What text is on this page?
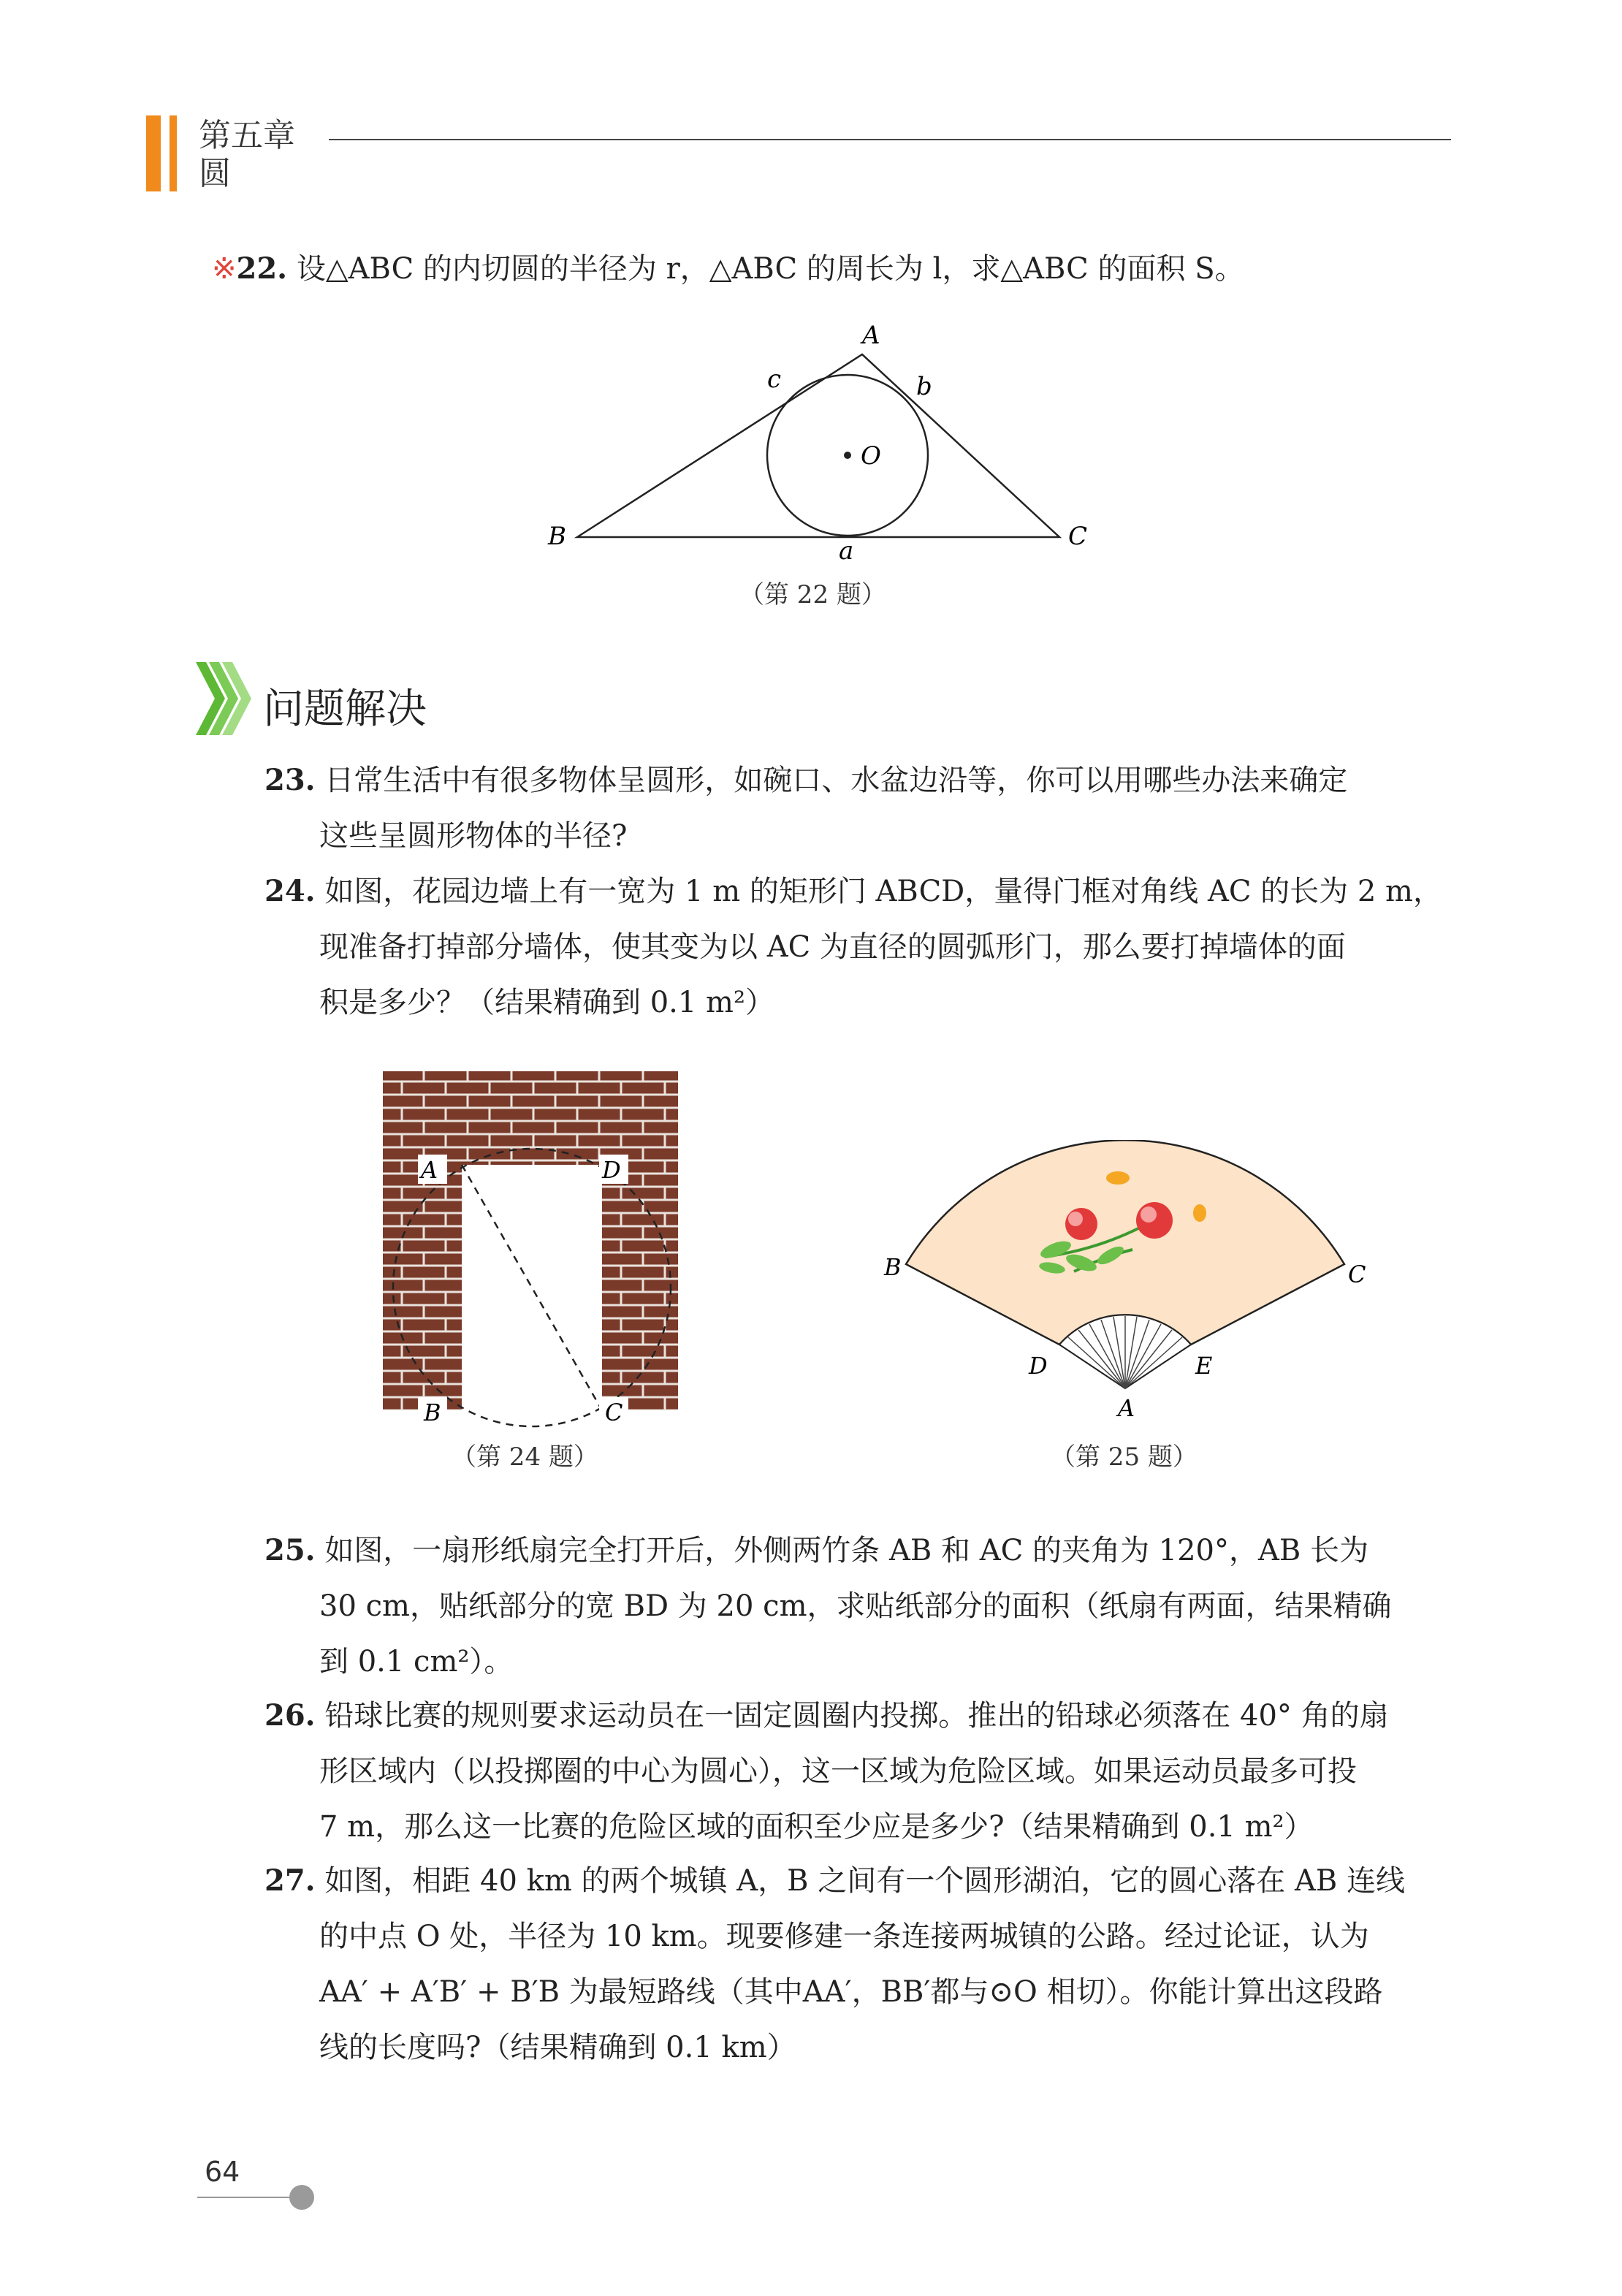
第五章
圆
※22. 设△ABC 的内切圆的半径为 r，△ABC 的周长为 l，求△ABC 的面积 S。
A
B	C
O
a
b
c
（第 22 题）
问题解决
23. 日常生活中有很多物体呈圆形，如碗口、水盆边沿等，你可以用哪些办法来确定
这些呈圆形物体的半径?
24. 如图，花园边墙上有一宽为 1 m 的矩形门 ABCD，量得门框对角线 AC 的长为 2 m，
现准备打掉部分墙体，使其变为以 AC 为直径的圆弧形门，那么要打掉墙体的面
积是多少？（结果精确到 0.1 m²）
A	D
B	C
（第 24 题）
B	C
D	E
A
（第 25 题）
25. 如图，一扇形纸扇完全打开后，外侧两竹条 AB 和 AC 的夹角为 120°，AB 长为
30 cm，贴纸部分的宽 BD 为 20 cm，求贴纸部分的面积（纸扇有两面，结果精确
到 0.1 cm²）。
26. 铅球比赛的规则要求运动员在一固定圆圈内投掷。推出的铅球必须落在 40° 角的扇
形区域内（以投掷圈的中心为圆心），这一区域为危险区域。如果运动员最多可投
7 m，那么这一比赛的危险区域的面积至少应是多少?（结果精确到 0.1 m²）
27. 如图，相距 40 km 的两个城镇 A，B 之间有一个圆形湖泊，它的圆心落在 AB 连线
的中点 O 处，半径为 10 km。现要修建一条连接两城镇的公路。经过论证，认为
AA′ + A′B′ + B′B 为最短路线（其中AA′，BB′都与⊙O 相切）。你能计算出这段路
线的长度吗?（结果精确到 0.1 km）
64
